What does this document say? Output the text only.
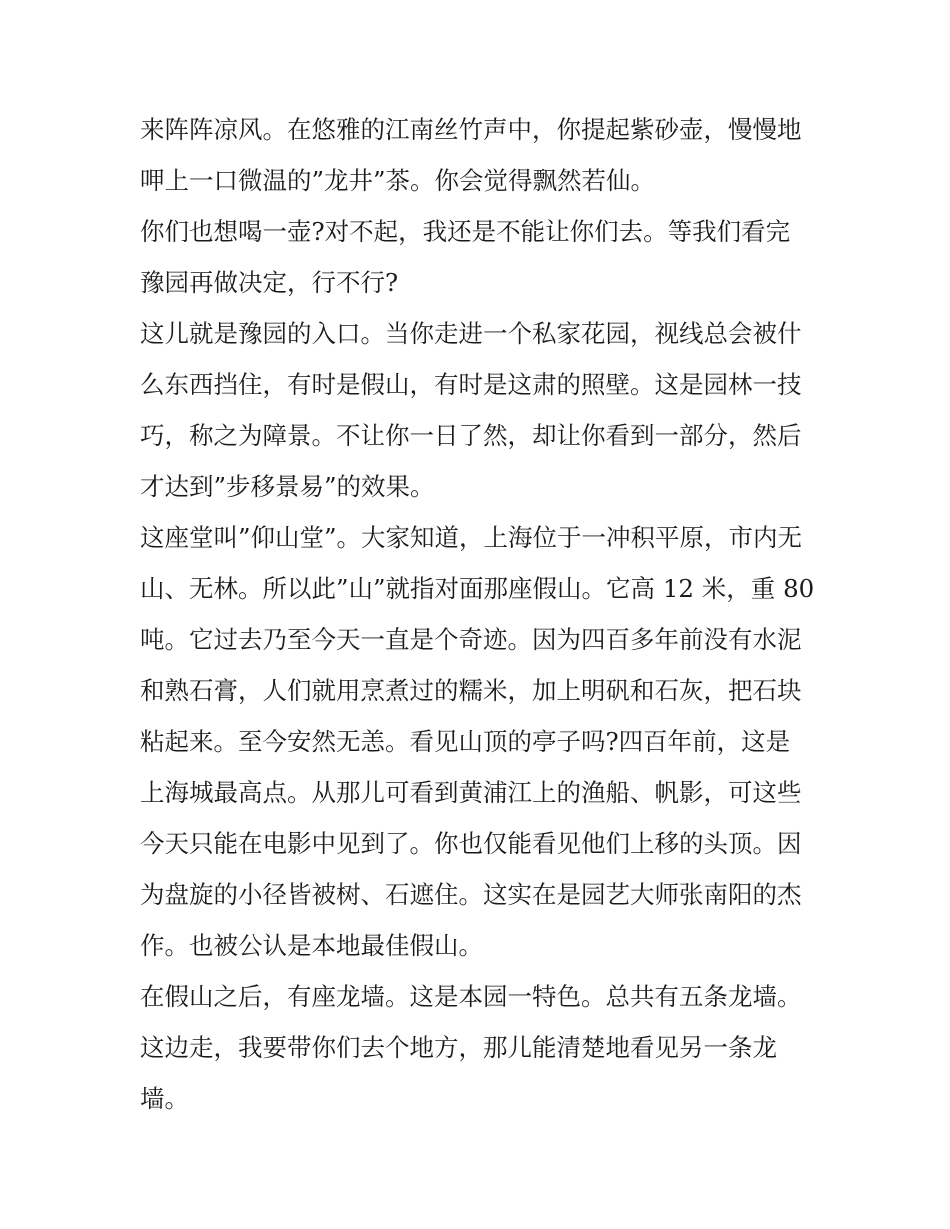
来阵阵凉风。在悠雅的江南丝竹声中，你提起紫砂壶，慢慢地
呷上一口微温的”龙井”茶。你会觉得飘然若仙。
你们也想喝一壶?对不起，我还是不能让你们去。等我们看完
豫园再做决定，行不行?
这儿就是豫园的入口。当你走进一个私家花园，视线总会被什
么东西挡住，有时是假山，有时是这肃的照壁。这是园林一技
巧，称之为障景。不让你一日了然，却让你看到一部分，然后
才达到”步移景易”的效果。
这座堂叫”仰山堂”。大家知道，上海位于一冲积平原，市内无
山、无林。所以此”山”就指对面那座假山。它高 12 米，重 80
吨。它过去乃至今天一直是个奇迹。因为四百多年前没有水泥
和熟石膏，人们就用烹煮过的糯米，加上明矾和石灰，把石块
粘起来。至今安然无恙。看见山顶的亭子吗?四百年前，这是
上海城最高点。从那儿可看到黄浦江上的渔船、帆影，可这些
今天只能在电影中见到了。你也仅能看见他们上移的头顶。因
为盘旋的小径皆被树、石遮住。这实在是园艺大师张南阳的杰
作。也被公认是本地最佳假山。
在假山之后，有座龙墙。这是本园一特色。总共有五条龙墙。
这边走，我要带你们去个地方，那儿能清楚地看见另一条龙
墙。
